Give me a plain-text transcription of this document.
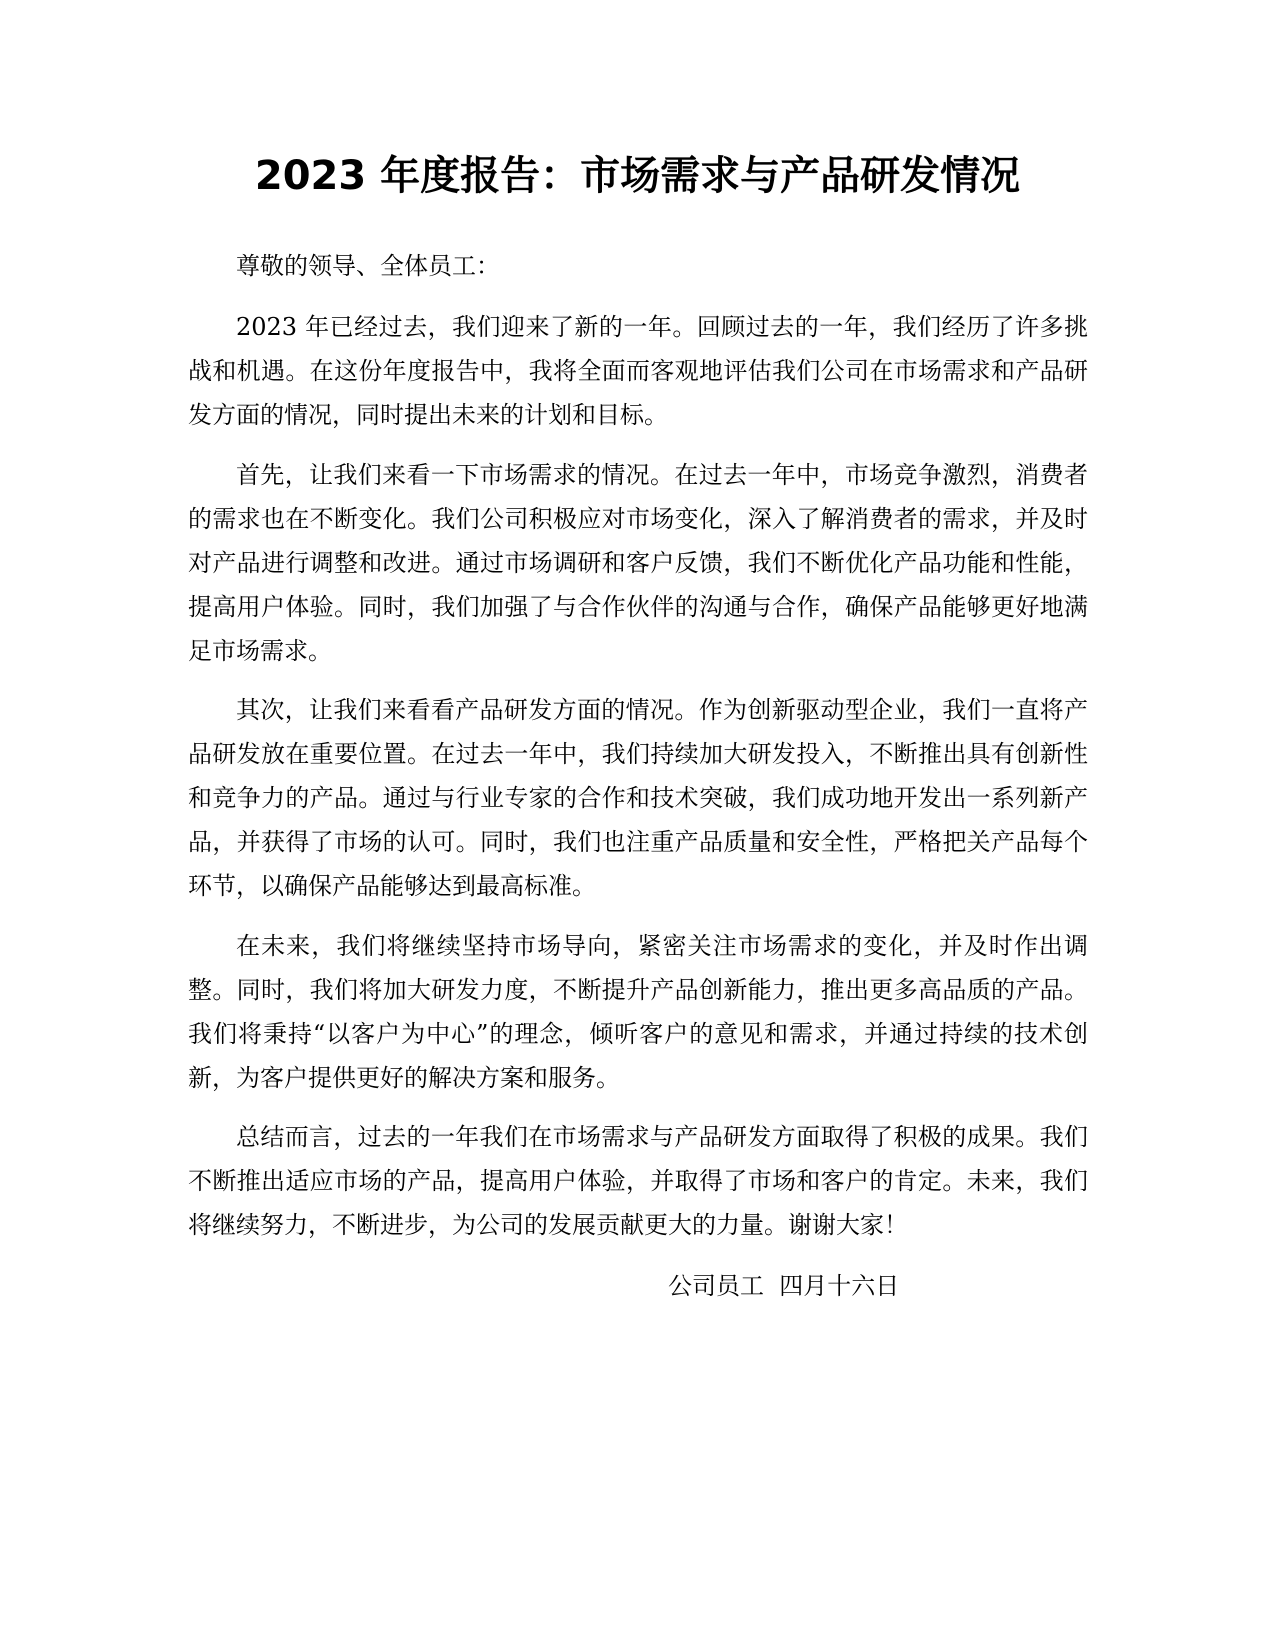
2023 年度报告：市场需求与产品研发情况

尊敬的领导、全体员工：

2023 年已经过去，我们迎来了新的一年。回顾过去的一年，我们经历了许多挑战和机遇。在这份年度报告中，我将全面而客观地评估我们公司在市场需求和产品研发方面的情况，同时提出未来的计划和目标。

首先，让我们来看一下市场需求的情况。在过去一年中，市场竞争激烈，消费者的需求也在不断变化。我们公司积极应对市场变化，深入了解消费者的需求，并及时对产品进行调整和改进。通过市场调研和客户反馈，我们不断优化产品功能和性能，提高用户体验。同时，我们加强了与合作伙伴的沟通与合作，确保产品能够更好地满足市场需求。

其次，让我们来看看产品研发方面的情况。作为创新驱动型企业，我们一直将产品研发放在重要位置。在过去一年中，我们持续加大研发投入，不断推出具有创新性和竞争力的产品。通过与行业专家的合作和技术突破，我们成功地开发出一系列新产品，并获得了市场的认可。同时，我们也注重产品质量和安全性，严格把关产品每个环节，以确保产品能够达到最高标准。

在未来，我们将继续坚持市场导向，紧密关注市场需求的变化，并及时作出调整。同时，我们将加大研发力度，不断提升产品创新能力，推出更多高品质的产品。我们将秉持“以客户为中心”的理念，倾听客户的意见和需求，并通过持续的技术创新，为客户提供更好的解决方案和服务。

总结而言，过去的一年我们在市场需求与产品研发方面取得了积极的成果。我们不断推出适应市场的产品，提高用户体验，并取得了市场和客户的肯定。未来，我们将继续努力，不断进步，为公司的发展贡献更大的力量。谢谢大家！

公司员工  四月十六日
